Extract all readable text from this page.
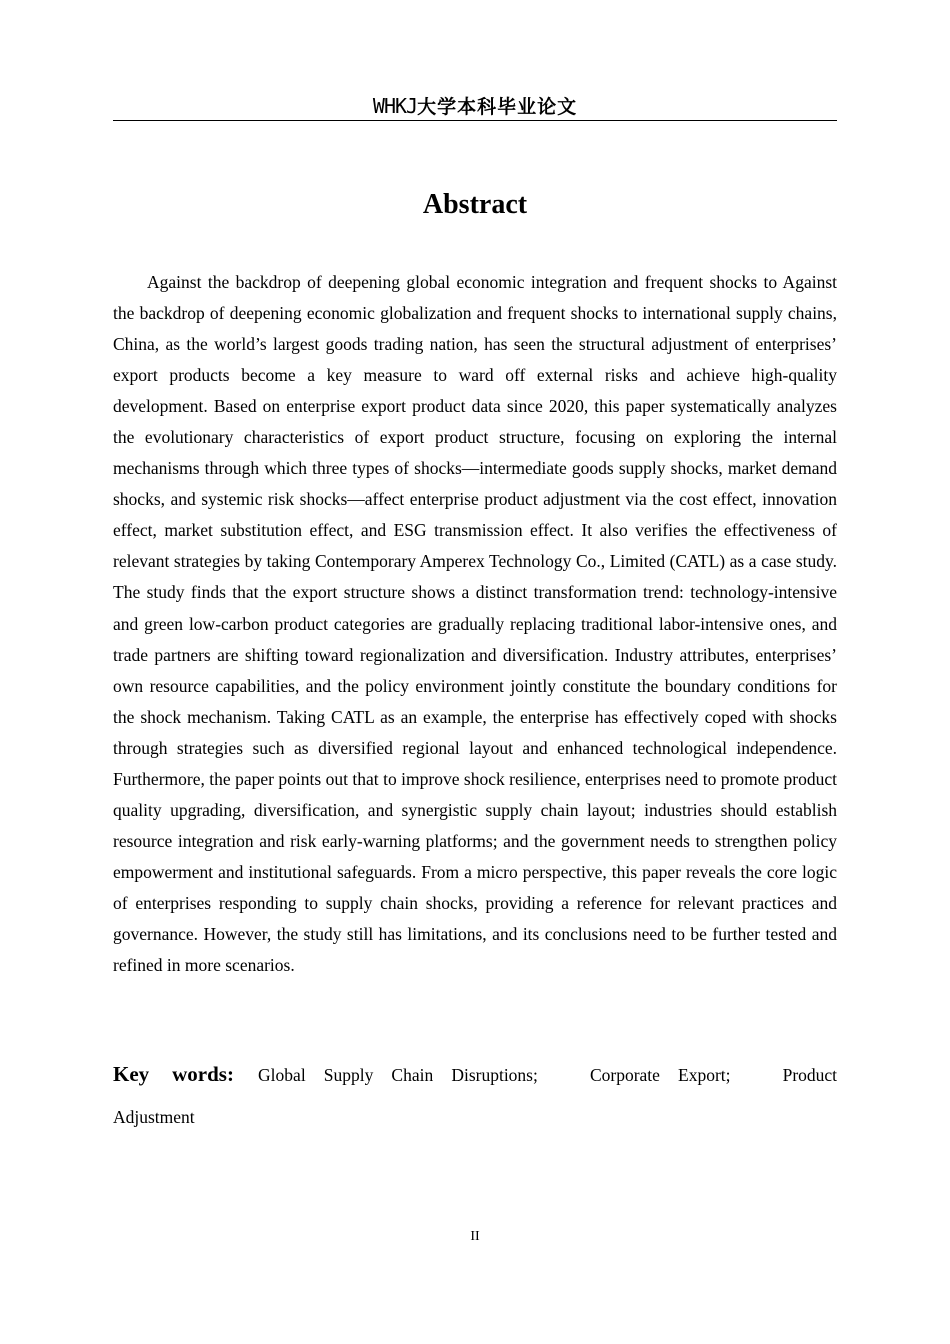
WHKJ大学本科毕业论文
Abstract

Against the backdrop of deepening global economic integration and frequent shocks to Against the backdrop of deepening economic globalization and frequent shocks to international supply chains, China, as the world’s largest goods trading nation, has seen the structural adjustment of enterprises’ export products become a key measure to ward off external risks and achieve high-quality development. Based on enterprise export product data since 2020, this paper systematically analyzes the evolutionary characteristics of export product structure, focusing on exploring the internal mechanisms through which three types of shocks—intermediate goods supply shocks, market demand shocks, and systemic risk shocks—affect enterprise product adjustment via the cost effect, innovation effect, market substitution effect, and ESG transmission effect. It also verifies the effectiveness of relevant strategies by taking Contemporary Amperex Technology Co., Limited (CATL) as a case study. The study finds that the export structure shows a distinct transformation trend: technology-intensive and green low-carbon product categories are gradually replacing traditional labor-intensive ones, and trade partners are shifting toward regionalization and diversification. Industry attributes, enterprises’ own resource capabilities, and the policy environment jointly constitute the boundary conditions for the shock mechanism. Taking CATL as an example, the enterprise has effectively coped with shocks through strategies such as diversified regional layout and enhanced technological independence. Furthermore, the paper points out that to improve shock resilience, enterprises need to promote product quality upgrading, diversification, and synergistic supply chain layout; industries should establish resource integration and risk early-warning platforms; and the government needs to strengthen policy empowerment and institutional safeguards. From a micro perspective, this paper reveals the core logic of enterprises responding to supply chain shocks, providing a reference for relevant practices and governance. However, the study still has limitations, and its conclusions need to be further tested and refined in more scenarios.

Key words: Global Supply Chain Disruptions;	Corporate Export;	Product Adjustment

II
